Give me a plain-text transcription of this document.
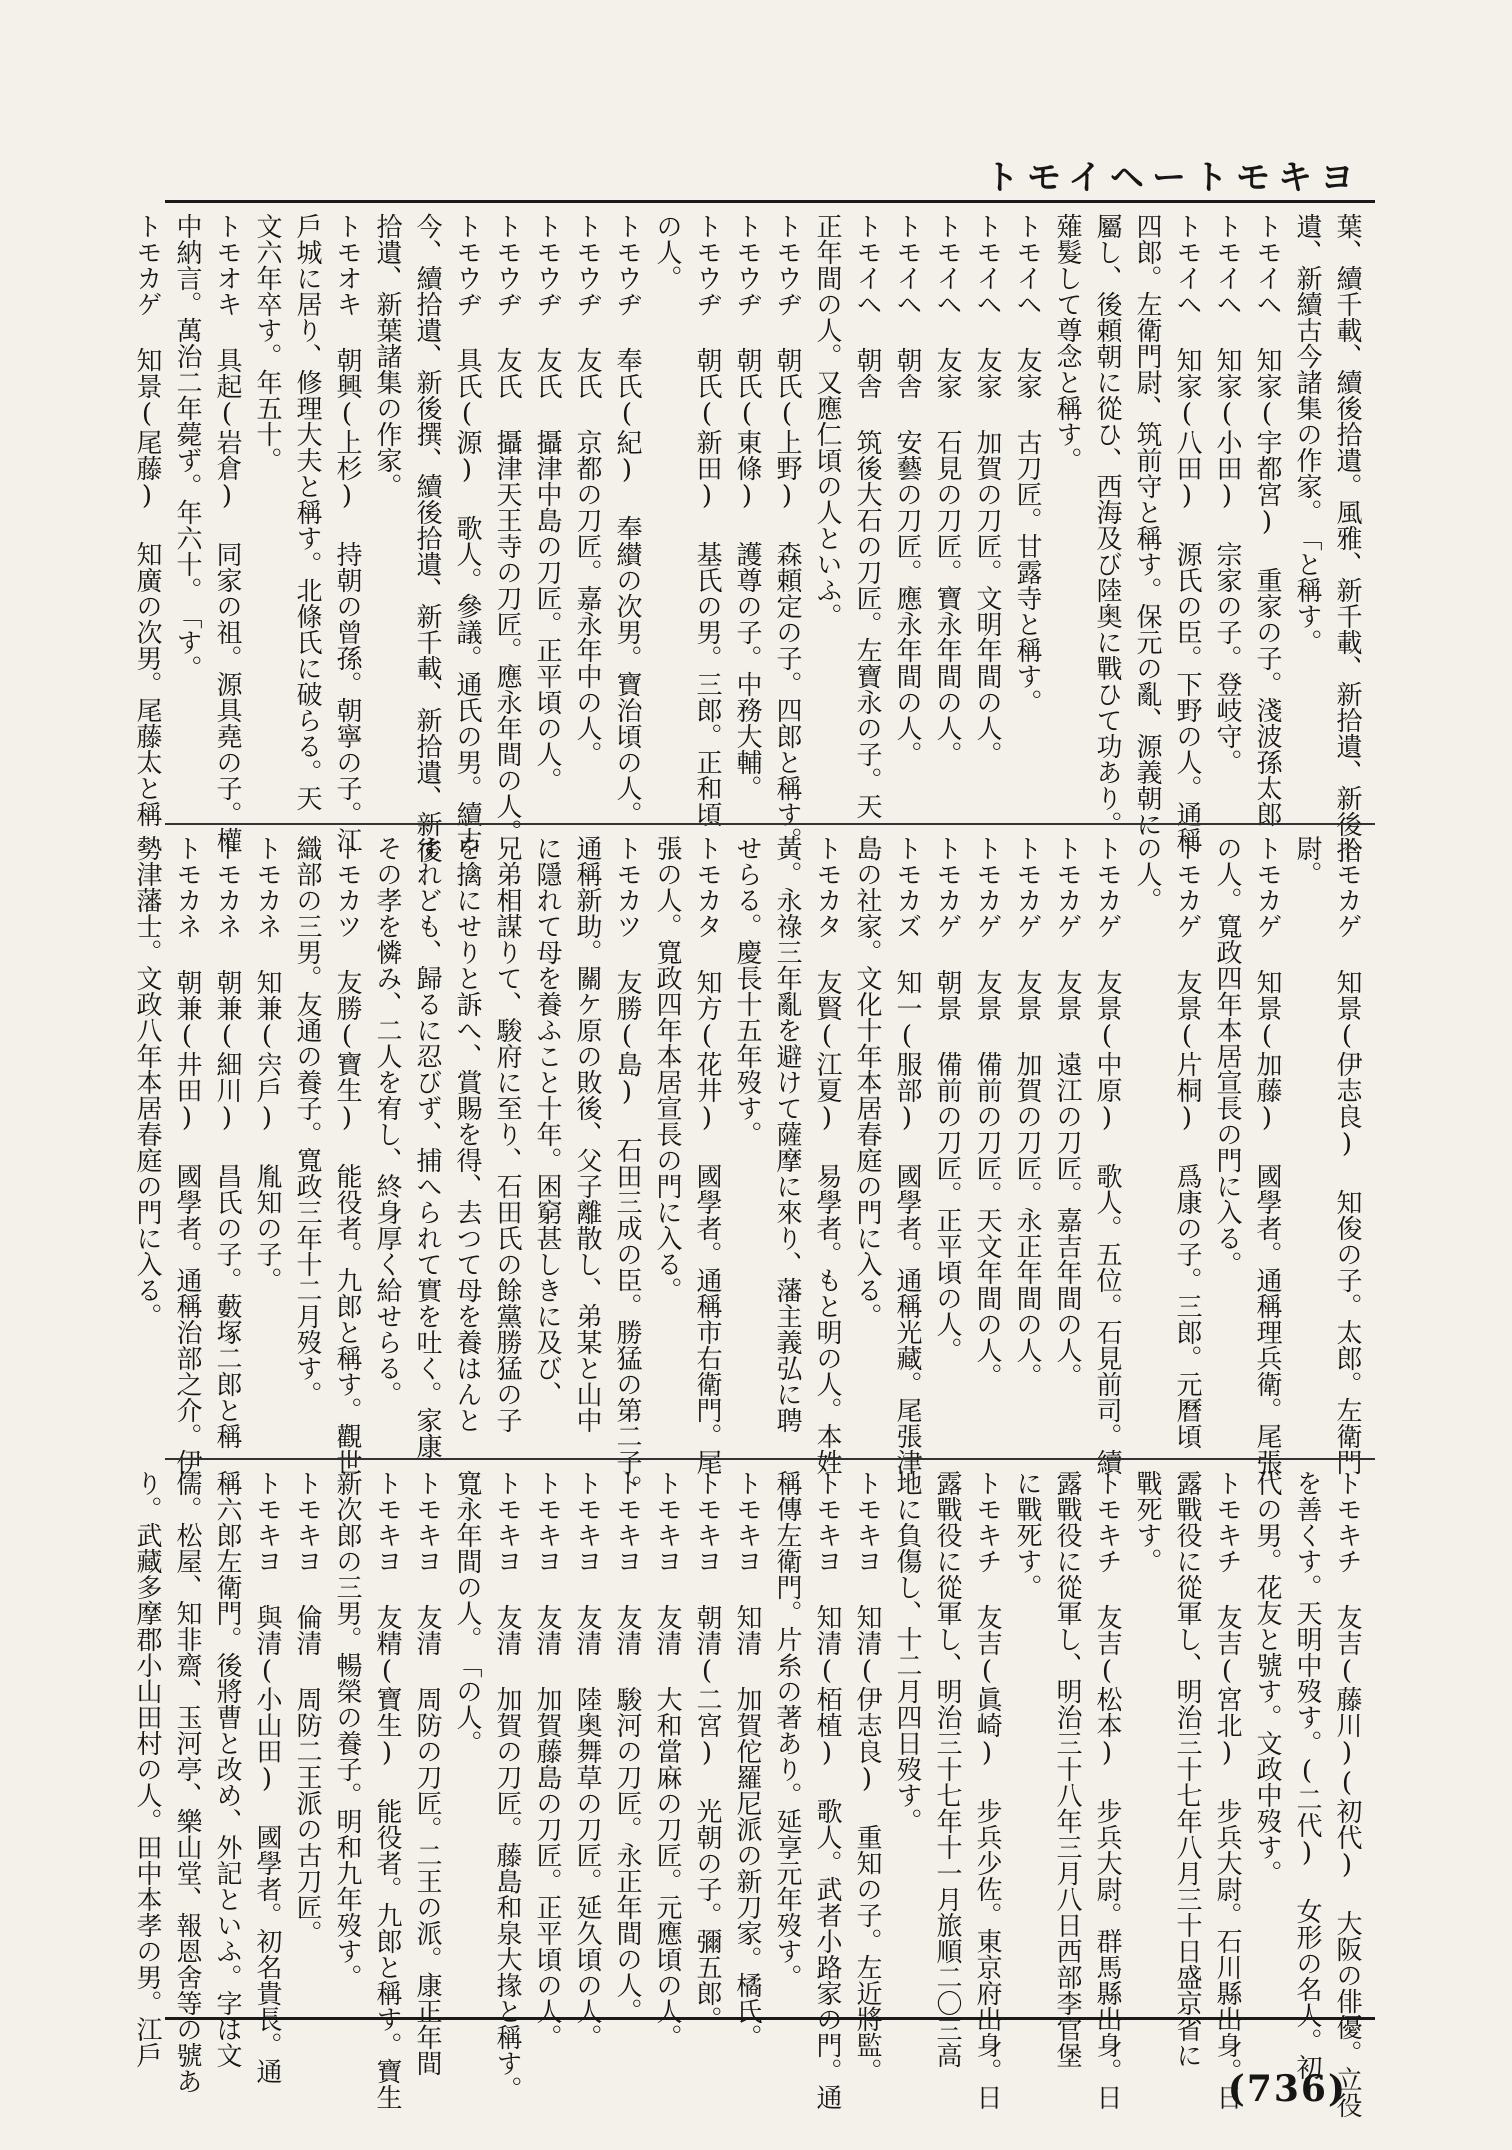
トモイヘートモキヨ
葉、續千載、續後拾遺。風雅、新千載、新拾遺、新後拾
遺、新續古今諸集の作家。　「と稱す。
トモイヘ 知家(宇都宮) 重家の子。淺波孫太郎
トモイヘ 知家(小田) 宗家の子。登岐守。
トモイヘ 知家(八田) 源氏の臣。下野の人。通稱
四郎。左衛門尉、筑前守と稱す。保元の亂、源義朝に
屬し、後頼朝に從ひ、西海及び陸奥に戰ひて功あり。
薙髮して尊念と稱す。
トモイヘ 友家 古刀匠。甘露寺と稱す。
トモイヘ 友家 加賀の刀匠。文明年間の人。
トモイヘ 友家 石見の刀匠。寶永年間の人。
トモイヘ 朝舎 安藝の刀匠。應永年間の人。
トモイヘ 朝舎 筑後大石の刀匠。左寶永の子。天
正年間の人。又應仁頃の人といふ。
トモウヂ 朝氏(上野) 森頼定の子。四郎と稱す。
トモウヂ 朝氏(東條) 護尊の子。中務大輔。
トモウヂ 朝氏(新田) 基氏の男。三郎。正和頃
の人。
トモウヂ 奉氏(紀) 奉纉の次男。寶治頃の人。
トモウヂ 友氏 京都の刀匠。嘉永年中の人。
トモウヂ 友氏 攝津中島の刀匠。正平頃の人。
トモウヂ 友氏 攝津天王寺の刀匠。應永年間の人。
トモウヂ 具氏(源) 歌人。參議。通氏の男。續古
今、續拾遺、新後撰、續後拾遺、新千載、新拾遺、新後
拾遺、新葉諸集の作家。
トモオキ 朝興(上杉) 持朝の曾孫。朝寧の子。江
戶城に居り、修理大夫と稱す。北條氏に破らる。天
文六年卒す。年五十。
トモオキ 具起(岩倉) 同家の祖。源具堯の子。權
中納言。萬治二年薨ず。年六十。　「す。
トモカゲ 知景(尾藤) 知廣の次男。尾藤太と稱
トモカゲ 知景(伊志良) 知俊の子。太郎。左衛門
尉。
トモカゲ 知景(加藤) 國學者。通稱理兵衛。尾張
の人。寬政四年本居宣長の門に入る。
トモカゲ 友景(片桐) 爲康の子。三郎。元曆頃
の人。
トモカゲ 友景(中原) 歌人。五位。石見前司。續
トモカゲ 友景 遠江の刀匠。嘉吉年間の人。
トモカゲ 友景 加賀の刀匠。永正年間の人。
トモカゲ 友景 備前の刀匠。天文年間の人。
トモカゲ 朝景 備前の刀匠。正平頃の人。
トモカズ 知一(服部) 國學者。通稱光藏。尾張津
島の社家。文化十年本居春庭の門に入る。
トモカタ 友賢(江夏) 易學者。もと明の人。本姓
黃。永祿三年亂を避けて薩摩に來り、藩主義弘に聘
せらる。慶長十五年歿す。
トモカタ 知方(花井) 國學者。通稱市右衛門。尾
張の人。寬政四年本居宣長の門に入る。
トモカツ 友勝(島) 石田三成の臣。勝猛の第二子。
通稱新助。關ケ原の敗後、父子離散し、弟某と山中
に隱れて母を養ふこと十年。困窮甚しきに及び、
兄弟相謀りて、駿府に至り、石田氏の餘黨勝猛の子
を擒にせりと訴へ、賞賜を得、去つて母を養はんと
すれども、歸るに忍びず、捕へられて實を吐く。家康
その孝を憐み、二人を宥し、終身厚く給せらる。
トモカツ 友勝(寶生) 能役者。九郎と稱す。觀世
織部の三男。友通の養子。寬政三年十二月歿す。
トモカネ 知兼(宍戶) 胤知の子。
トモカネ 朝兼(細川) 昌氏の子。藪塚二郎と稱
トモカネ 朝兼(井田) 國學者。通稱治部之介。伊
勢津藩士。文政八年本居春庭の門に入る。
トモキチ 友吉(藤川)(初代) 大阪の俳優。立役
を善くす。天明中歿す。(二代) 女形の名人。初
代の男。花友と號す。文政中歿す。
トモキチ 友吉(宮北) 步兵大尉。石川縣出身。日
露戰役に從軍し、明治三十七年八月三十日盛京省に
戰死す。
トモキチ 友吉(松本) 步兵大尉。群馬縣出身。日
露戰役に從軍し、明治三十八年三月八日西部李官堡
に戰死す。
トモキチ 友吉(眞崎) 步兵少佐。東京府出身。日
露戰役に從軍し、明治三十七年十一月旅順二〇三高
地に負傷し、十二月四日歿す。
トモキヨ 知清(伊志良) 重知の子。左近將監。
トモキヨ 知清(栢植) 歌人。武者小路家の門。通
稱傳左衛門。片糸の著あり。延享元年歿す。
トモキヨ 知清 加賀佗羅尼派の新刀家。橘氏。
トモキヨ 朝清(二宮) 光朝の子。彌五郎。
トモキヨ 友清 大和當麻の刀匠。元應頃の人。
トモキヨ 友清 駿河の刀匠。永正年間の人。
トモキヨ 友清 陸奥舞草の刀匠。延久頃の人。
トモキヨ 友清 加賀藤島の刀匠。正平頃の人。
トモキヨ 友清 加賀の刀匠。藤島和泉大掾と稱す。
寬永年間の人。　「の人。
トモキヨ 友清 周防の刀匠。二王の派。康正年間
トモキヨ 友精(寶生) 能役者。九郎と稱す。寶生
新次郎の三男。暢榮の養子。明和九年歿す。
トモキヨ 倫清 周防二王派の古刀匠。
トモキヨ 與清(小山田) 國學者。初名貴長。通
稱六郎左衛門。後將曹と改め、外記といふ。字は文
儒。松屋、知非齋、玉河亭、樂山堂、報恩舍等の號あ
り。武藏多摩郡小山田村の人。田中本孝の男。江戶
(736)
